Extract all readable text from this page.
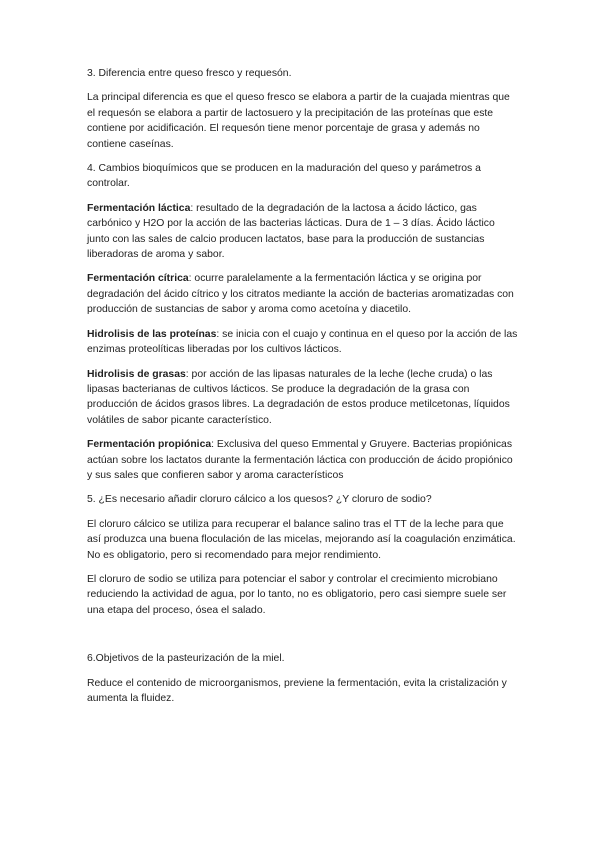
3. Diferencia entre queso fresco y requesón.

La principal diferencia es que el queso fresco se elabora a partir de la cuajada mientras que el requesón se elabora a partir de lactosuero y la precipitación de las proteínas que este contiene por acidificación. El requesón tiene menor porcentaje de grasa y además no contiene caseínas.

4. Cambios bioquímicos que se producen en la maduración del queso y parámetros a controlar.

Fermentación láctica: resultado de la degradación de la lactosa a ácido láctico, gas carbónico y H2O por la acción de las bacterias lácticas. Dura de 1 – 3 días. Ácido láctico junto con las sales de calcio producen lactatos, base para la producción de sustancias liberadoras de aroma y sabor.

Fermentación cítrica: ocurre paralelamente a la fermentación láctica y se origina por degradación del ácido cítrico y los citratos mediante la acción de bacterias aromatizadas con producción de sustancias de sabor y aroma como acetoína y diacetilo.

Hidrolisis de las proteínas: se inicia con el cuajo y continua en el queso por la acción de las enzimas proteolíticas liberadas por los cultivos lácticos.

Hidrolisis de grasas: por acción de las lipasas naturales de la leche (leche cruda) o las lipasas bacterianas de cultivos lácticos. Se produce la degradación de la grasa con producción de ácidos grasos libres. La degradación de estos produce metilcetonas, líquidos volátiles de sabor picante característico.

Fermentación propiónica: Exclusiva del queso Emmental y Gruyere. Bacterias propiónicas actúan sobre los lactatos durante la fermentación láctica con producción de ácido propiónico y sus sales que confieren sabor y aroma característicos

5. ¿Es necesario añadir cloruro cálcico a los quesos? ¿Y cloruro de sodio?

El cloruro cálcico se utiliza para recuperar el balance salino tras el TT de la leche para que así produzca una buena floculación de las micelas, mejorando así la coagulación enzimática. No es obligatorio, pero si recomendado para mejor rendimiento.

El cloruro de sodio se utiliza para potenciar el sabor y controlar el crecimiento microbiano reduciendo la actividad de agua, por lo tanto, no es obligatorio, pero casi siempre suele ser una etapa del proceso, ósea el salado.

6.Objetivos de la pasteurización de la miel.

Reduce el contenido de microorganismos, previene la fermentación, evita la cristalización y aumenta la fluidez.
